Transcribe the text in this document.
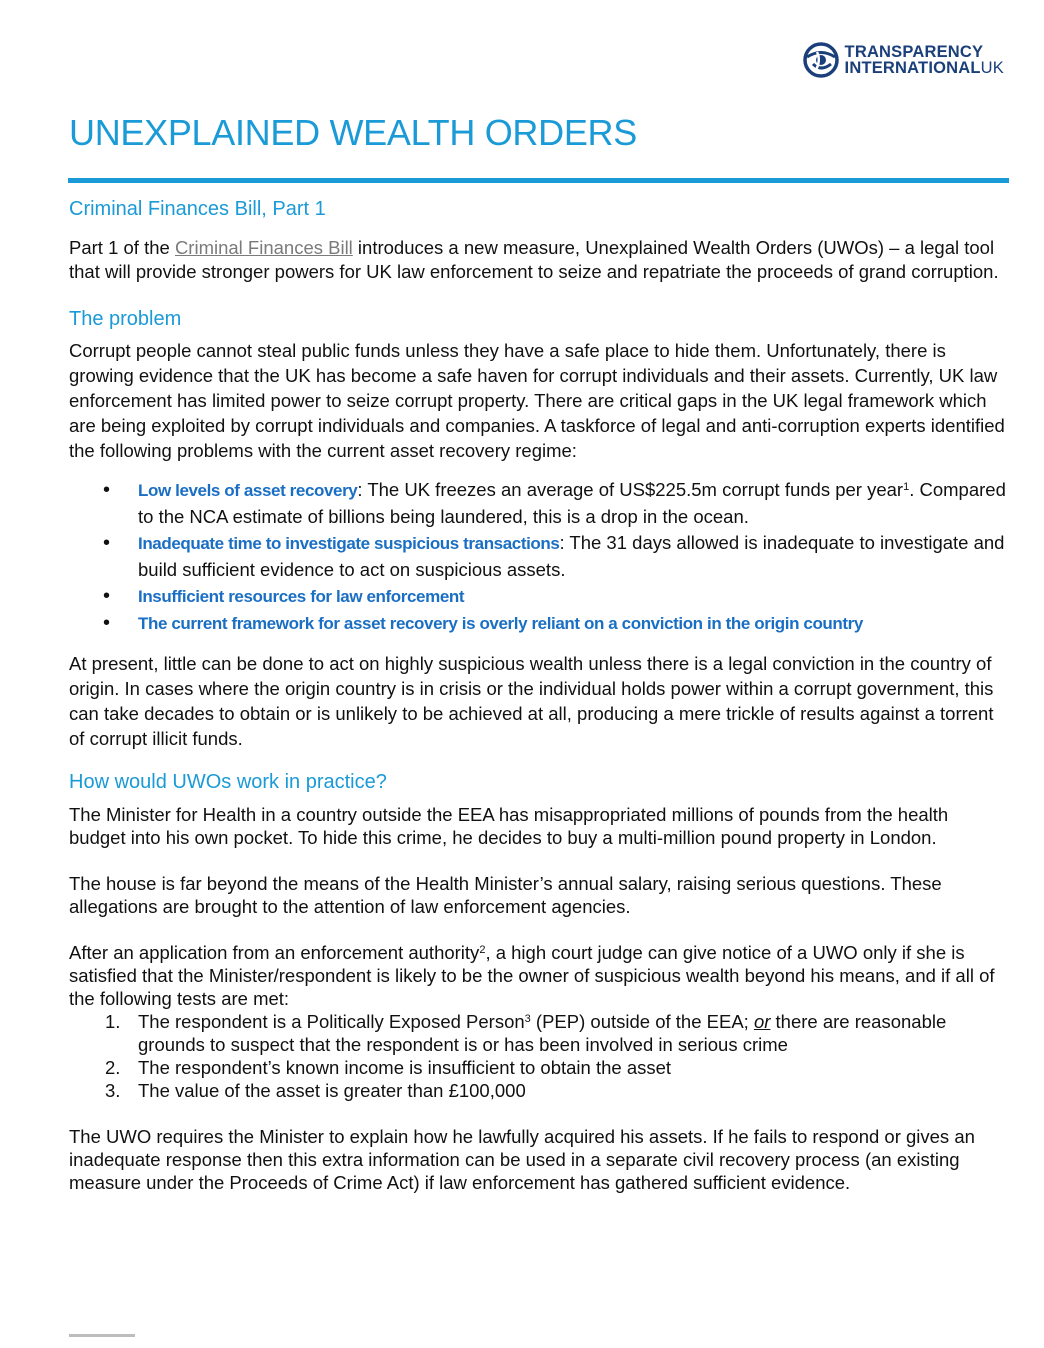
TRANSPARENCY
INTERNATIONALUK
UNEXPLAINED WEALTH ORDERS
Criminal Finances Bill, Part 1

Part 1 of the Criminal Finances Bill introduces a new measure, Unexplained Wealth Orders (UWOs) – a legal tool that will provide stronger powers for UK law enforcement to seize and repatriate the proceeds of grand corruption.

The problem

Corrupt people cannot steal public funds unless they have a safe place to hide them. Unfortunately, there is growing evidence that the UK has become a safe haven for corrupt individuals and their assets. Currently, UK law enforcement has limited power to seize corrupt property. There are critical gaps in the UK legal framework which are being exploited by corrupt individuals and companies. A taskforce of legal and anti-corruption experts identified the following problems with the current asset recovery regime:

• Low levels of asset recovery: The UK freezes an average of US$225.5m corrupt funds per year$^1$. Compared to the NCA estimate of billions being laundered, this is a drop in the ocean.
• Inadequate time to investigate suspicious transactions: The 31 days allowed is inadequate to investigate and build sufficient evidence to act on suspicious assets.
• Insufficient resources for law enforcement
• The current framework for asset recovery is overly reliant on a conviction in the origin country

At present, little can be done to act on highly suspicious wealth unless there is a legal conviction in the country of origin. In cases where the origin country is in crisis or the individual holds power within a corrupt government, this can take decades to obtain or is unlikely to be achieved at all, producing a mere trickle of results against a torrent of corrupt illicit funds.

How would UWOs work in practice?

The Minister for Health in a country outside the EEA has misappropriated millions of pounds from the health budget into his own pocket. To hide this crime, he decides to buy a multi-million pound property in London.

The house is far beyond the means of the Health Minister’s annual salary, raising serious questions. These allegations are brought to the attention of law enforcement agencies.

After an application from an enforcement authority$^2$, a high court judge can give notice of a UWO only if she is satisfied that the Minister/respondent is likely to be the owner of suspicious wealth beyond his means, and if all of the following tests are met:

1. The respondent is a Politically Exposed Person$^3$ (PEP) outside of the EEA; or there are reasonable grounds to suspect that the respondent is or has been involved in serious crime
2. The respondent’s known income is insufficient to obtain the asset
3. The value of the asset is greater than £100,000

The UWO requires the Minister to explain how he lawfully acquired his assets. If he fails to respond or gives an inadequate response then this extra information can be used in a separate civil recovery process (an existing measure under the Proceeds of Crime Act) if law enforcement has gathered sufficient evidence.
